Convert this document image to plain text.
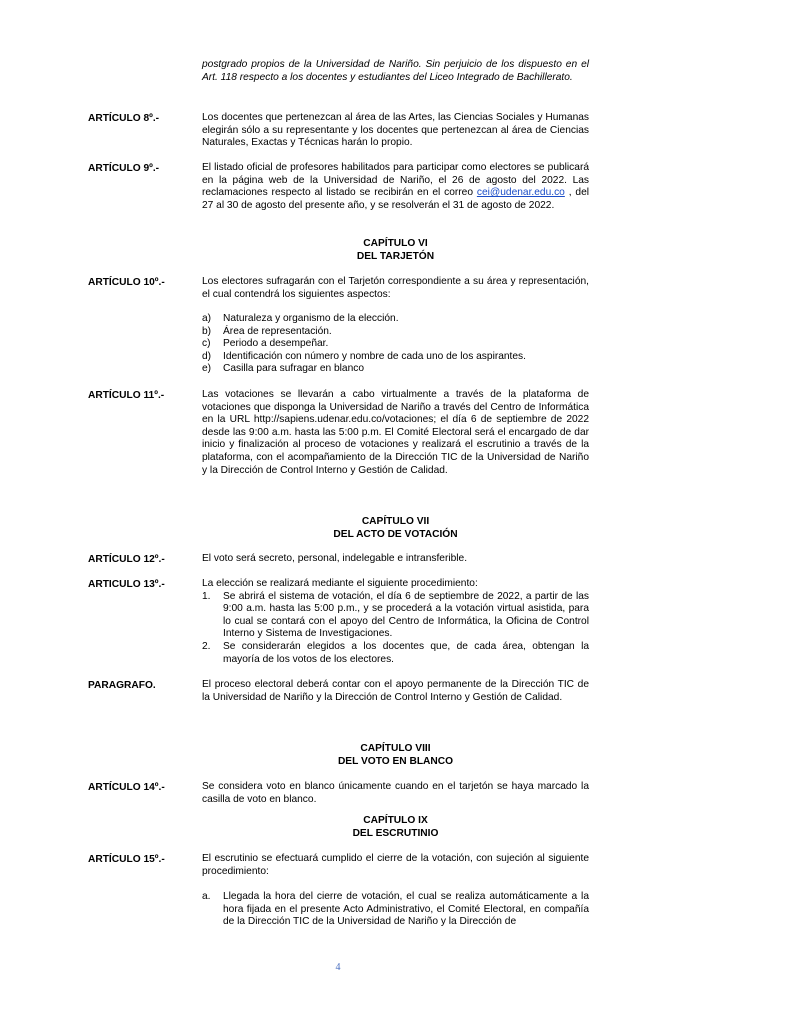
postgrado propios de la Universidad de Nariño. Sin perjuicio de los dispuesto en el Art. 118 respecto a los docentes y estudiantes del Liceo Integrado de Bachillerato.
ARTÍCULO 8º.-	Los docentes que pertenezcan al área de las Artes, las Ciencias Sociales y Humanas elegirán sólo a su representante y los docentes que pertenezcan al área de Ciencias Naturales, Exactas y Técnicas harán lo propio.
ARTÍCULO 9º.-	El listado oficial de profesores habilitados para participar como electores se publicará en la página web de la Universidad de Nariño, el 26 de agosto del 2022. Las reclamaciones respecto al listado se recibirán en el correo cei@udenar.edu.co , del 27 al 30 de agosto del presente año, y se resolverán el 31 de agosto de 2022.
CAPÍTULO VI
DEL TARJETÓN
ARTÍCULO 10º.-	Los electores sufragarán con el Tarjetón correspondiente a su área y representación, el cual contendrá los siguientes aspectos:
a)	Naturaleza y organismo de la elección.
b)	Área de representación.
c)	Periodo a desempeñar.
d)	Identificación con número y nombre de cada uno de los aspirantes.
e)	Casilla para sufragar en blanco
ARTÍCULO 11º.-	Las votaciones se llevarán a cabo virtualmente a través de la plataforma de votaciones que disponga la Universidad de Nariño a través del Centro de Informática en la URL http://sapiens.udenar.edu.co/votaciones; el día 6 de septiembre de 2022 desde las 9:00 a.m. hasta las 5:00 p.m. El Comité Electoral será el encargado de dar inicio y finalización al proceso de votaciones y realizará el escrutinio a través de la plataforma, con el acompañamiento de la Dirección TIC de la Universidad de Nariño y la Dirección de Control Interno y Gestión de Calidad.
CAPÍTULO VII
DEL ACTO DE VOTACIÓN
ARTÍCULO 12º.-	El voto será secreto, personal, indelegable e intransferible.
ARTICULO 13º.-	La elección se realizará mediante el siguiente procedimiento:
1.	Se abrirá el sistema de votación, el día 6 de septiembre de 2022, a partir de las 9:00 a.m. hasta las 5:00 p.m., y se procederá a la votación virtual asistida, para lo cual se contará con el apoyo del Centro de Informática, la Oficina de Control Interno y Sistema de Investigaciones.
2.	Se considerarán elegidos a los docentes que, de cada área, obtengan la mayoría de los votos de los electores.
PARAGRAFO.	El proceso electoral deberá contar con el apoyo permanente de la Dirección TIC de la Universidad de Nariño y la Dirección de Control Interno y Gestión de Calidad.
CAPÍTULO VIII
DEL VOTO EN BLANCO
ARTÍCULO 14º.-	Se considera voto en blanco únicamente cuando en el tarjetón se haya marcado la casilla de voto en blanco.
CAPÍTULO IX
DEL ESCRUTINIO
ARTÍCULO 15º.-	El escrutinio se efectuará cumplido el cierre de la votación, con sujeción al siguiente procedimiento:
a.	Llegada la hora del cierre de votación, el cual se realiza automáticamente a la hora fijada en el presente Acto Administrativo, el Comité Electoral, en compañía de la Dirección TIC de la Universidad de Nariño y la Dirección de
4
